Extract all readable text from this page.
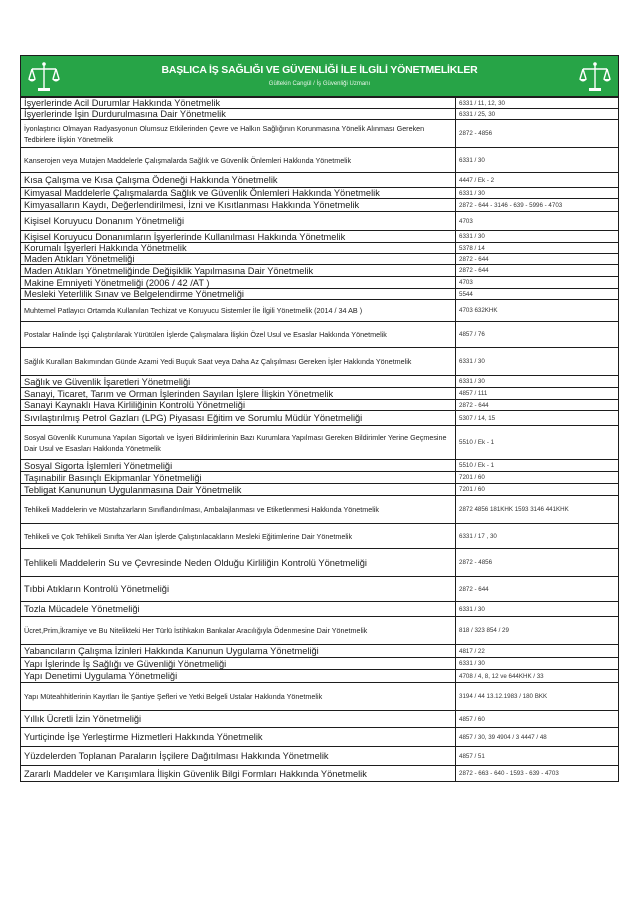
BAŞLICA İŞ SAĞLIĞI VE GÜVENLİĞİ İLE İLGİLİ YÖNETMELİKLER
Gültekin Cangül / İş Güvenliği Uzmanı
İşyerlerinde Acil Durumlar Hakkında Yönetmelik	6331 / 11, 12, 30
İşyerlerinde İşin Durdurulmasına Dair Yönetmelik	6331 / 25, 30
İyonlaştırıcı Olmayan Radyasyonun Olumsuz Etkilerinden Çevre ve Halkın Sağlığının Korunmasına Yönelik Alınması Gereken Tedbirlere İlişkin Yönetmelik	2872 - 4856
Kanserojen veya Mutajen Maddelerle Çalışmalarda Sağlık ve Güvenlik Önlemleri Hakkında Yönetmelik	6331 / 30
Kısa Çalışma ve Kısa Çalışma Ödeneği Hakkında Yönetmelik	4447 / Ek - 2
Kimyasal Maddelerle Çalışmalarda Sağlık ve Güvenlik Önlemleri Hakkında Yönetmelik	6331 / 30
Kimyasalların Kaydı, Değerlendirilmesi, İzni ve Kısıtlanması Hakkında Yönetmelik	2872 - 644 - 3146 - 639 - 5996 - 4703
Kişisel Koruyucu Donanım Yönetmeliği	4703
Kişisel Koruyucu Donanımların İşyerlerinde Kullanılması Hakkında Yönetmelik	6331 / 30
Korumalı İşyerleri Hakkında Yönetmelik	5378 / 14
Maden Atıkları Yönetmeliği	2872 - 644
Maden Atıkları Yönetmeliğinde Değişiklik Yapılmasına Dair Yönetmelik	2872 - 644
Makine Emniyeti Yönetmeliği (2006 / 42 /AT )	4703
Mesleki Yeterlilik Sınav ve Belgelendirme Yönetmeliği	5544
Muhtemel Patlayıcı Ortamda Kullanılan Techizat ve Koruyucu Sistemler İle İlgili Yönetmelik (2014 / 34 AB )	4703 632KHK
Postalar Halinde İşçi Çalıştırılarak Yürütülen İşlerde Çalışmalara İlişkin Özel Usul ve Esaslar Hakkında Yönetmelik	4857 / 76
Sağlık Kuralları Bakımından Günde Azami Yedi Buçuk Saat veya Daha Az Çalışılması Gereken İşler Hakkında Yönetmelik	6331 / 30
Sağlık ve Güvenlik İşaretleri Yönetmeliği	6331 / 30
Sanayi, Ticaret, Tarım ve Orman İşlerinden Sayılan İşlere İlişkin Yönetmelik	4857 / 111
Sanayi Kaynaklı Hava Kirliliğinin Kontrolü Yönetmeliği	2872 - 644
Sıvılaştırılmış Petrol Gazları (LPG) Piyasası Eğitim ve Sorumlu Müdür Yönetmeliği	5307 / 14, 15
Sosyal Güvenlik Kurumuna Yapılan Sigortalı ve İşyeri Bildirimlerinin Bazı Kurumlara Yapılması Gereken Bildirimler Yerine Geçmesine Dair Usul ve Esasları Hakkında Yönetmelik	5510 / Ek - 1
Sosyal Sigorta İşlemleri Yönetmeliği	5510 / Ek - 1
Taşınabilir Basınçlı Ekipmanlar Yönetmeliği	7201 / 60
Tebligat Kanununun Uygulanmasına Dair Yönetmelik	7201 / 60
Tehlikeli Maddelerin ve Müstahzarların Sınıflandırılması, Ambalajlanması ve Etiketlenmesi Hakkında Yönetmelik	2872 4856 181KHK 1593 3146 441KHK
Tehlikeli ve Çok Tehlikeli Sınıfta Yer Alan İşlerde Çalıştırılacakların Mesleki Eğitimlerine Dair Yönetmelik	6331 / 17 , 30
Tehlikeli Maddelerin Su ve Çevresinde Neden Olduğu Kirliliğin Kontrolü Yönetmeliği	2872 - 4856
Tıbbi Atıkların Kontrolü Yönetmeliği	2872 - 644
Tozla Mücadele Yönetmeliği	6331 / 30
Ücret,Prim,İkramiye ve Bu Nitelikteki Her Türlü İstihkakın Bankalar Aracılığıyla Ödenmesine Dair Yönetmelik	818 / 323 854 / 29
Yabancıların Çalışma İzinleri Hakkında Kanunun Uygulama Yönetmeliği	4817 / 22
Yapı İşlerinde İş Sağlığı ve Güvenliği Yönetmeliği	6331 / 30
Yapı Denetimi Uygulama Yönetmeliği	4708 / 4, 8, 12 ve 644KHK / 33
Yapı Müteahhitlerinin Kayıtları İle Şantiye Şefleri ve Yetki Belgeli Ustalar Hakkında Yönetmelik	3194 / 44 13.12.1983 / 180 BKK
Yıllık Ücretli İzin Yönetmeliği	4857 / 60
Yurtiçinde İşe Yerleştirme Hizmetleri Hakkında Yönetmelik	4857 / 30, 39 4904 / 3 4447 / 48
Yüzdelerden Toplanan Paraların İşçilere Dağıtılması Hakkında Yönetmelik	4857 / 51
Zararlı Maddeler ve Karışımlara İlişkin Güvenlik Bilgi Formları Hakkında Yönetmelik	2872 - 663 - 640 - 1593 - 639 - 4703
